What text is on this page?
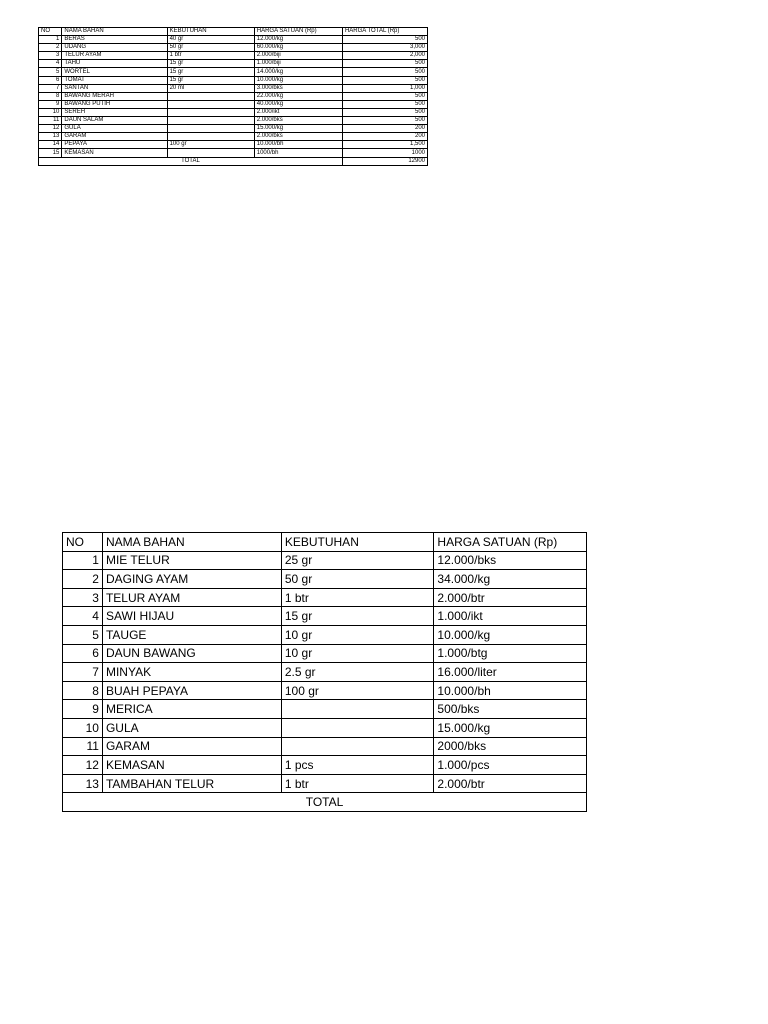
NO	NAMA BAHAN	KEBUTUHAN	HARGA SATUAN (Rp)	HARGA TOTAL (Rp)
1	BERAS	40 gr	12.000/kg	500
2	UDANG	50 gr	60.000/kg	3,000
3	TELUR AYAM	1 btr	2.000/biji	2,000
4	TAHU	15 gr	1.000/biji	500
5	WORTEL	15 gr	14.000/kg	500
6	TOMAT	15 gr	10.000/kg	500
7	SANTAN	20 ml	3.000/bks	1,000
8	BAWANG MERAH		22.000/kg	500
9	BAWANG PUTIH		40.000/kg	500
10	SEREH		2.000/ikt	500
11	DAUN SALAM		2.000/bks	500
12	GULA		15.000/kg	200
13	GARAM		2.000/bks	200
14	PEPAYA	100 gr	10.000/bh	1,500
15	KEMASAN		1000/bh	1000
TOTAL				12900
NO	NAMA BAHAN	KEBUTUHAN	HARGA SATUAN (Rp)
1	MIE TELUR	25 gr	12.000/bks
2	DAGING AYAM	50 gr	34.000/kg
3	TELUR AYAM	1 btr	2.000/btr
4	SAWI HIJAU	15 gr	1.000/ikt
5	TAUGE	10 gr	10.000/kg
6	DAUN BAWANG	10 gr	1.000/btg
7	MINYAK	2.5 gr	16.000/liter
8	BUAH PEPAYA	100 gr	10.000/bh
9	MERICA		500/bks
10	GULA		15.000/kg
11	GARAM		2000/bks
12	KEMASAN	1 pcs	1.000/pcs
13	TAMBAHAN TELUR	1 btr	2.000/btr
TOTAL			
